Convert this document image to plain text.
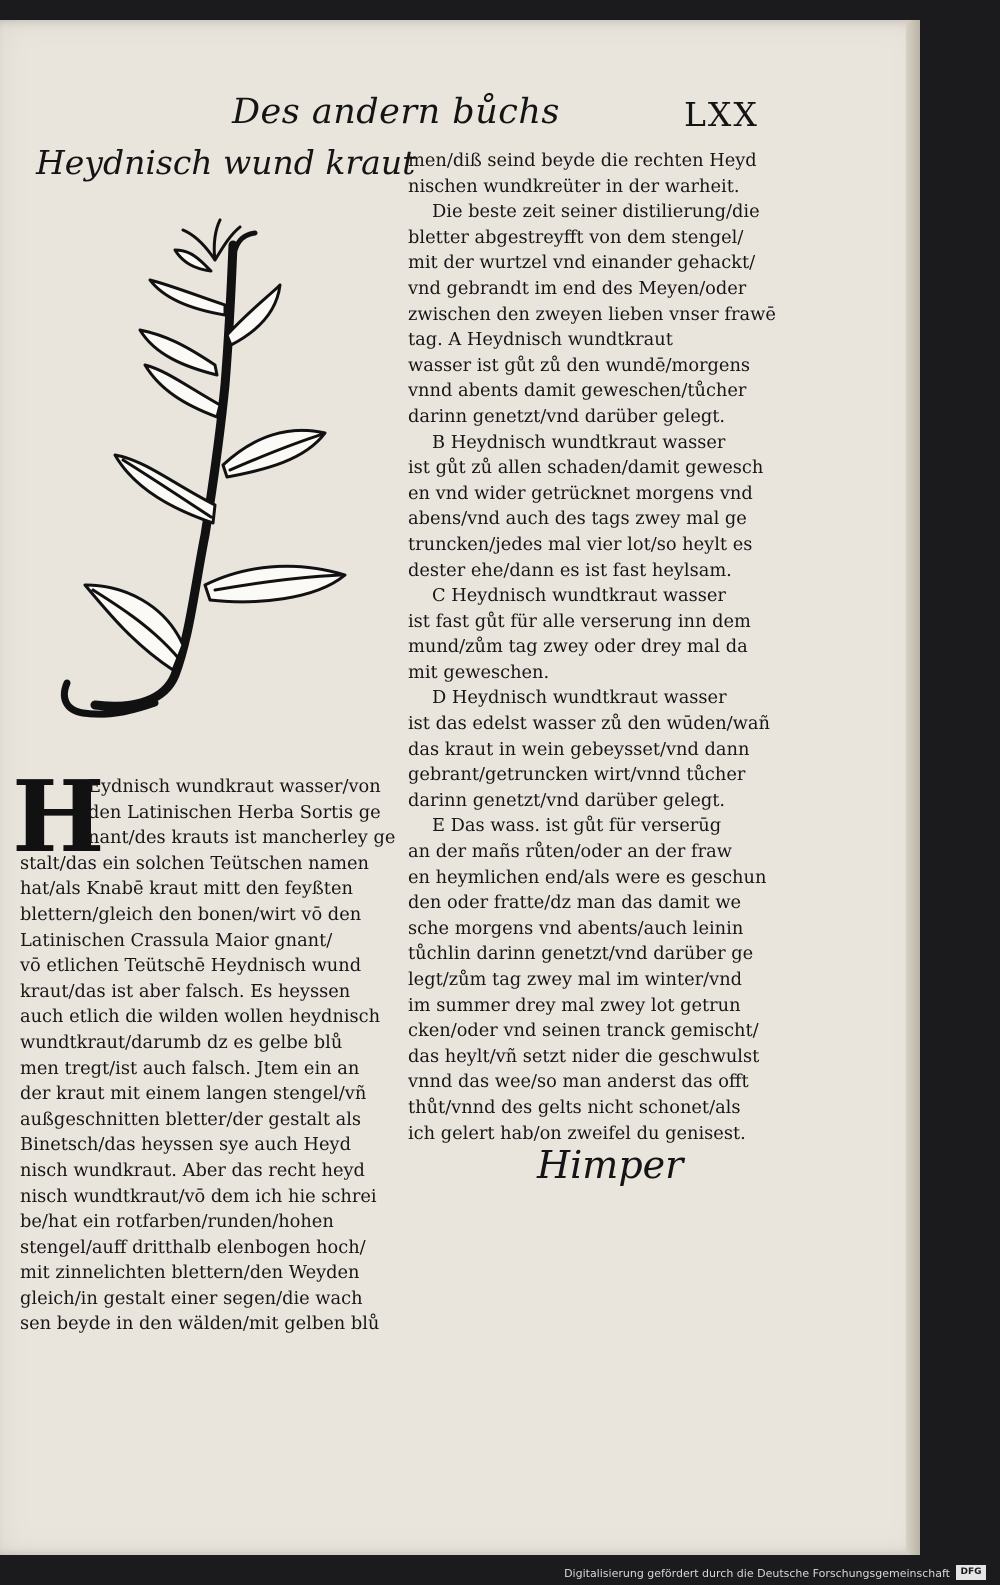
Des andern bůchs	LXX
Heydnisch wund kraut
H
Eydnisch wundkraut wasser/von
den Latinischen Herba Sortis ge
nant/des krauts ist mancherley ge
stalt/das ein solchen Teütschen namen
hat/als Knabē kraut mitt den feyßten
blettern/gleich den bonen/wirt vō den
Latinischen Crassula Maior gnant/
vō etlichen Teütschē Heydnisch wund
kraut/das ist aber falsch. Es heyssen
auch etlich die wilden wollen heydnisch
wundtkraut/darumb dz es gelbe blů
men tregt/ist auch falsch. Jtem ein an
der kraut mit einem langen stengel/vñ
außgeschnitten bletter/der gestalt als
Binetsch/das heyssen sye auch Heyd
nisch wundkraut. Aber das recht heyd
nisch wundtkraut/vō dem ich hie schrei
be/hat ein rotfarben/runden/hohen
stengel/auff dritthalb elenbogen hoch/
mit zinnelichten blettern/den Weyden
gleich/in gestalt einer segen/die wach
sen beyde in den wälden/mit gelben blů
men/diß seind beyde die rechten Heyd
nischen wundkreüter in der warheit.
Die beste zeit seiner distilierung/die
bletter abgestreyfft von dem stengel/
mit der wurtzel vnd einander gehackt/
vnd gebrandt im end des Meyen/oder
zwischen den zweyen lieben vnser frawē
tag. A Heydnisch wundtkraut
wasser ist gůt zů den wundē/morgens
vnnd abents damit geweschen/tůcher
darinn genetzt/vnd darüber gelegt.
B Heydnisch wundtkraut wasser
ist gůt zů allen schaden/damit gewesch
en vnd wider getrücknet morgens vnd
abens/vnd auch des tags zwey mal ge
truncken/jedes mal vier lot/so heylt es
dester ehe/dann es ist fast heylsam.
C Heydnisch wundtkraut wasser
ist fast gůt für alle verserung inn dem
mund/zům tag zwey oder drey mal da
mit geweschen.
D Heydnisch wundtkraut wasser
ist das edelst wasser zů den wūden/wañ
das kraut in wein gebeysset/vnd dann
gebrant/getruncken wirt/vnnd tůcher
darinn genetzt/vnd darüber gelegt.
E Das wass. ist gůt für verserūg
an der mañs růten/oder an der fraw
en heymlichen end/als were es geschun
den oder fratte/dz man das damit we
sche morgens vnd abents/auch leinin
tůchlin darinn genetzt/vnd darüber ge
legt/zům tag zwey mal im winter/vnd
im summer drey mal zwey lot getrun
cken/oder vnd seinen tranck gemischt/
das heylt/vñ setzt nider die geschwulst
vnnd das wee/so man anderst das offt
thůt/vnnd des gelts nicht schonet/als
ich gelert hab/on zweifel du genisest.
Himper
Digitalisierung gefördert durch die Deutsche Forschungsgemeinschaft	DFG
